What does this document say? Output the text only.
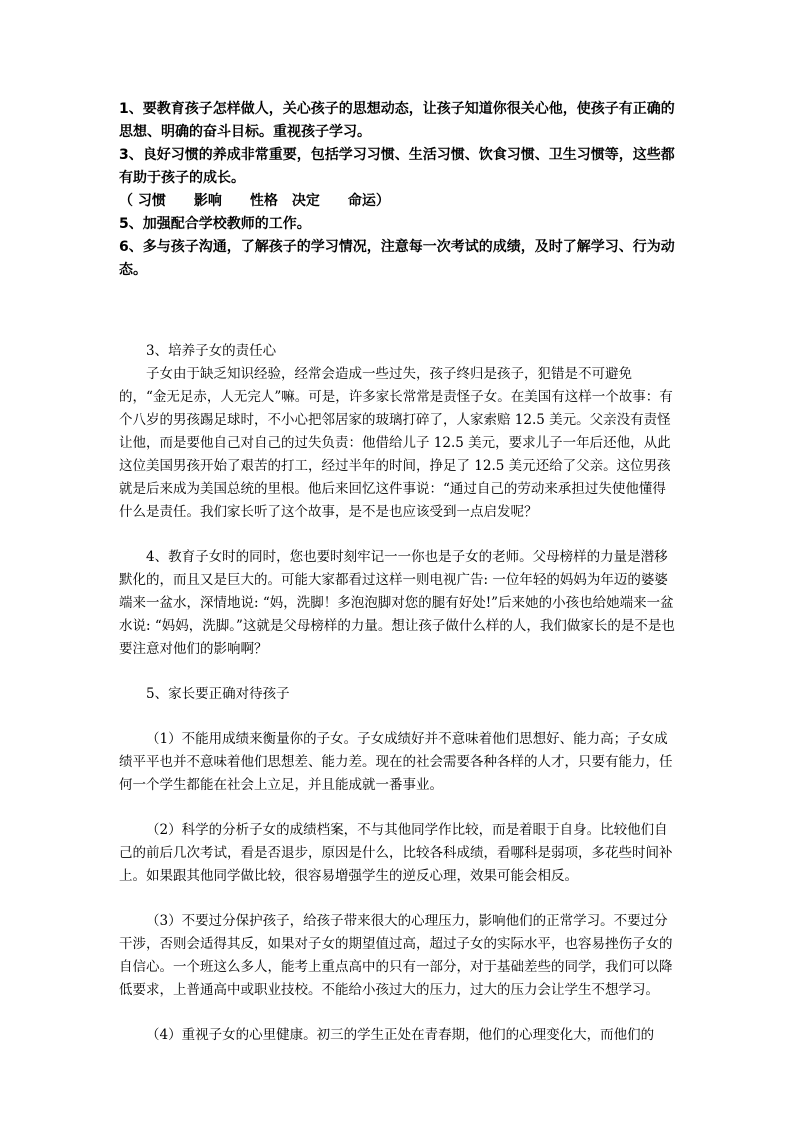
1、要教育孩子怎样做人，关心孩子的思想动态，让孩子知道你很关心他，使孩子有正确的思想、明确的奋斗目标。重视孩子学习。

3、良好习惯的养成非常重要，包括学习习惯、生活习惯、饮食习惯、卫生习惯等，这些都有助于孩子的成长。

（ 习惯　　影响　　性格　决定　　命运）

5、加强配合学校教师的工作。

6、多与孩子沟通，了解孩子的学习情况，注意每一次考试的成绩，及时了解学习、行为动态。

3、培养子女的责任心

子女由于缺乏知识经验，经常会造成一些过失，孩子终归是孩子，犯错是不可避免的，“金无足赤，人无完人”嘛。可是，许多家长常常是责怪子女。在美国有这样一个故事：有个八岁的男孩踢足球时，不小心把邻居家的玻璃打碎了，人家索赔 12.5 美元。父亲没有责怪让他，而是要他自己对自己的过失负责：他借给儿子 12.5 美元，要求儿子一年后还他，从此这位美国男孩开始了艰苦的打工，经过半年的时间，挣足了 12.5 美元还给了父亲。这位男孩就是后来成为美国总统的里根。他后来回忆这件事说：“通过自己的劳动来承担过失使他懂得什么是责任。我们家长听了这个故事，是不是也应该受到一点启发呢？

4、教育子女时的同时，您也要时刻牢记一一你也是子女的老师。父母榜样的力量是潜移默化的，而且又是巨大的。可能大家都看过这样一则电视广告: 一位年轻的妈妈为年迈的婆婆端来一盆水，深情地说: “妈，洗脚！多泡泡脚对您的腿有好处!”后来她的小孩也给她端来一盆水说: “妈妈，洗脚。”这就是父母榜样的力量。想让孩子做什么样的人，我们做家长的是不是也要注意对他们的影响啊？

5、家长要正确对待孩子

（1）不能用成绩来衡量你的子女。子女成绩好并不意味着他们思想好、能力高；子女成绩平平也并不意味着他们思想差、能力差。现在的社会需要各种各样的人才，只要有能力，任何一个学生都能在社会上立足，并且能成就一番事业。

（2）科学的分析子女的成绩档案，不与其他同学作比较，而是着眼于自身。比较他们自己的前后几次考试，看是否退步，原因是什么，比较各科成绩，看哪科是弱项，多花些时间补上。如果跟其他同学做比较，很容易增强学生的逆反心理，效果可能会相反。

（3）不要过分保护孩子，给孩子带来很大的心理压力，影响他们的正常学习。不要过分干涉，否则会适得其反，如果对子女的期望值过高，超过子女的实际水平，也容易挫伤子女的自信心。一个班这么多人，能考上重点高中的只有一部分，对于基础差些的同学，我们可以降低要求，上普通高中或职业技校。不能给小孩过大的压力，过大的压力会让学生不想学习。

（4）重视子女的心里健康。初三的学生正处在青春期，他们的心理变化大，而他们的
